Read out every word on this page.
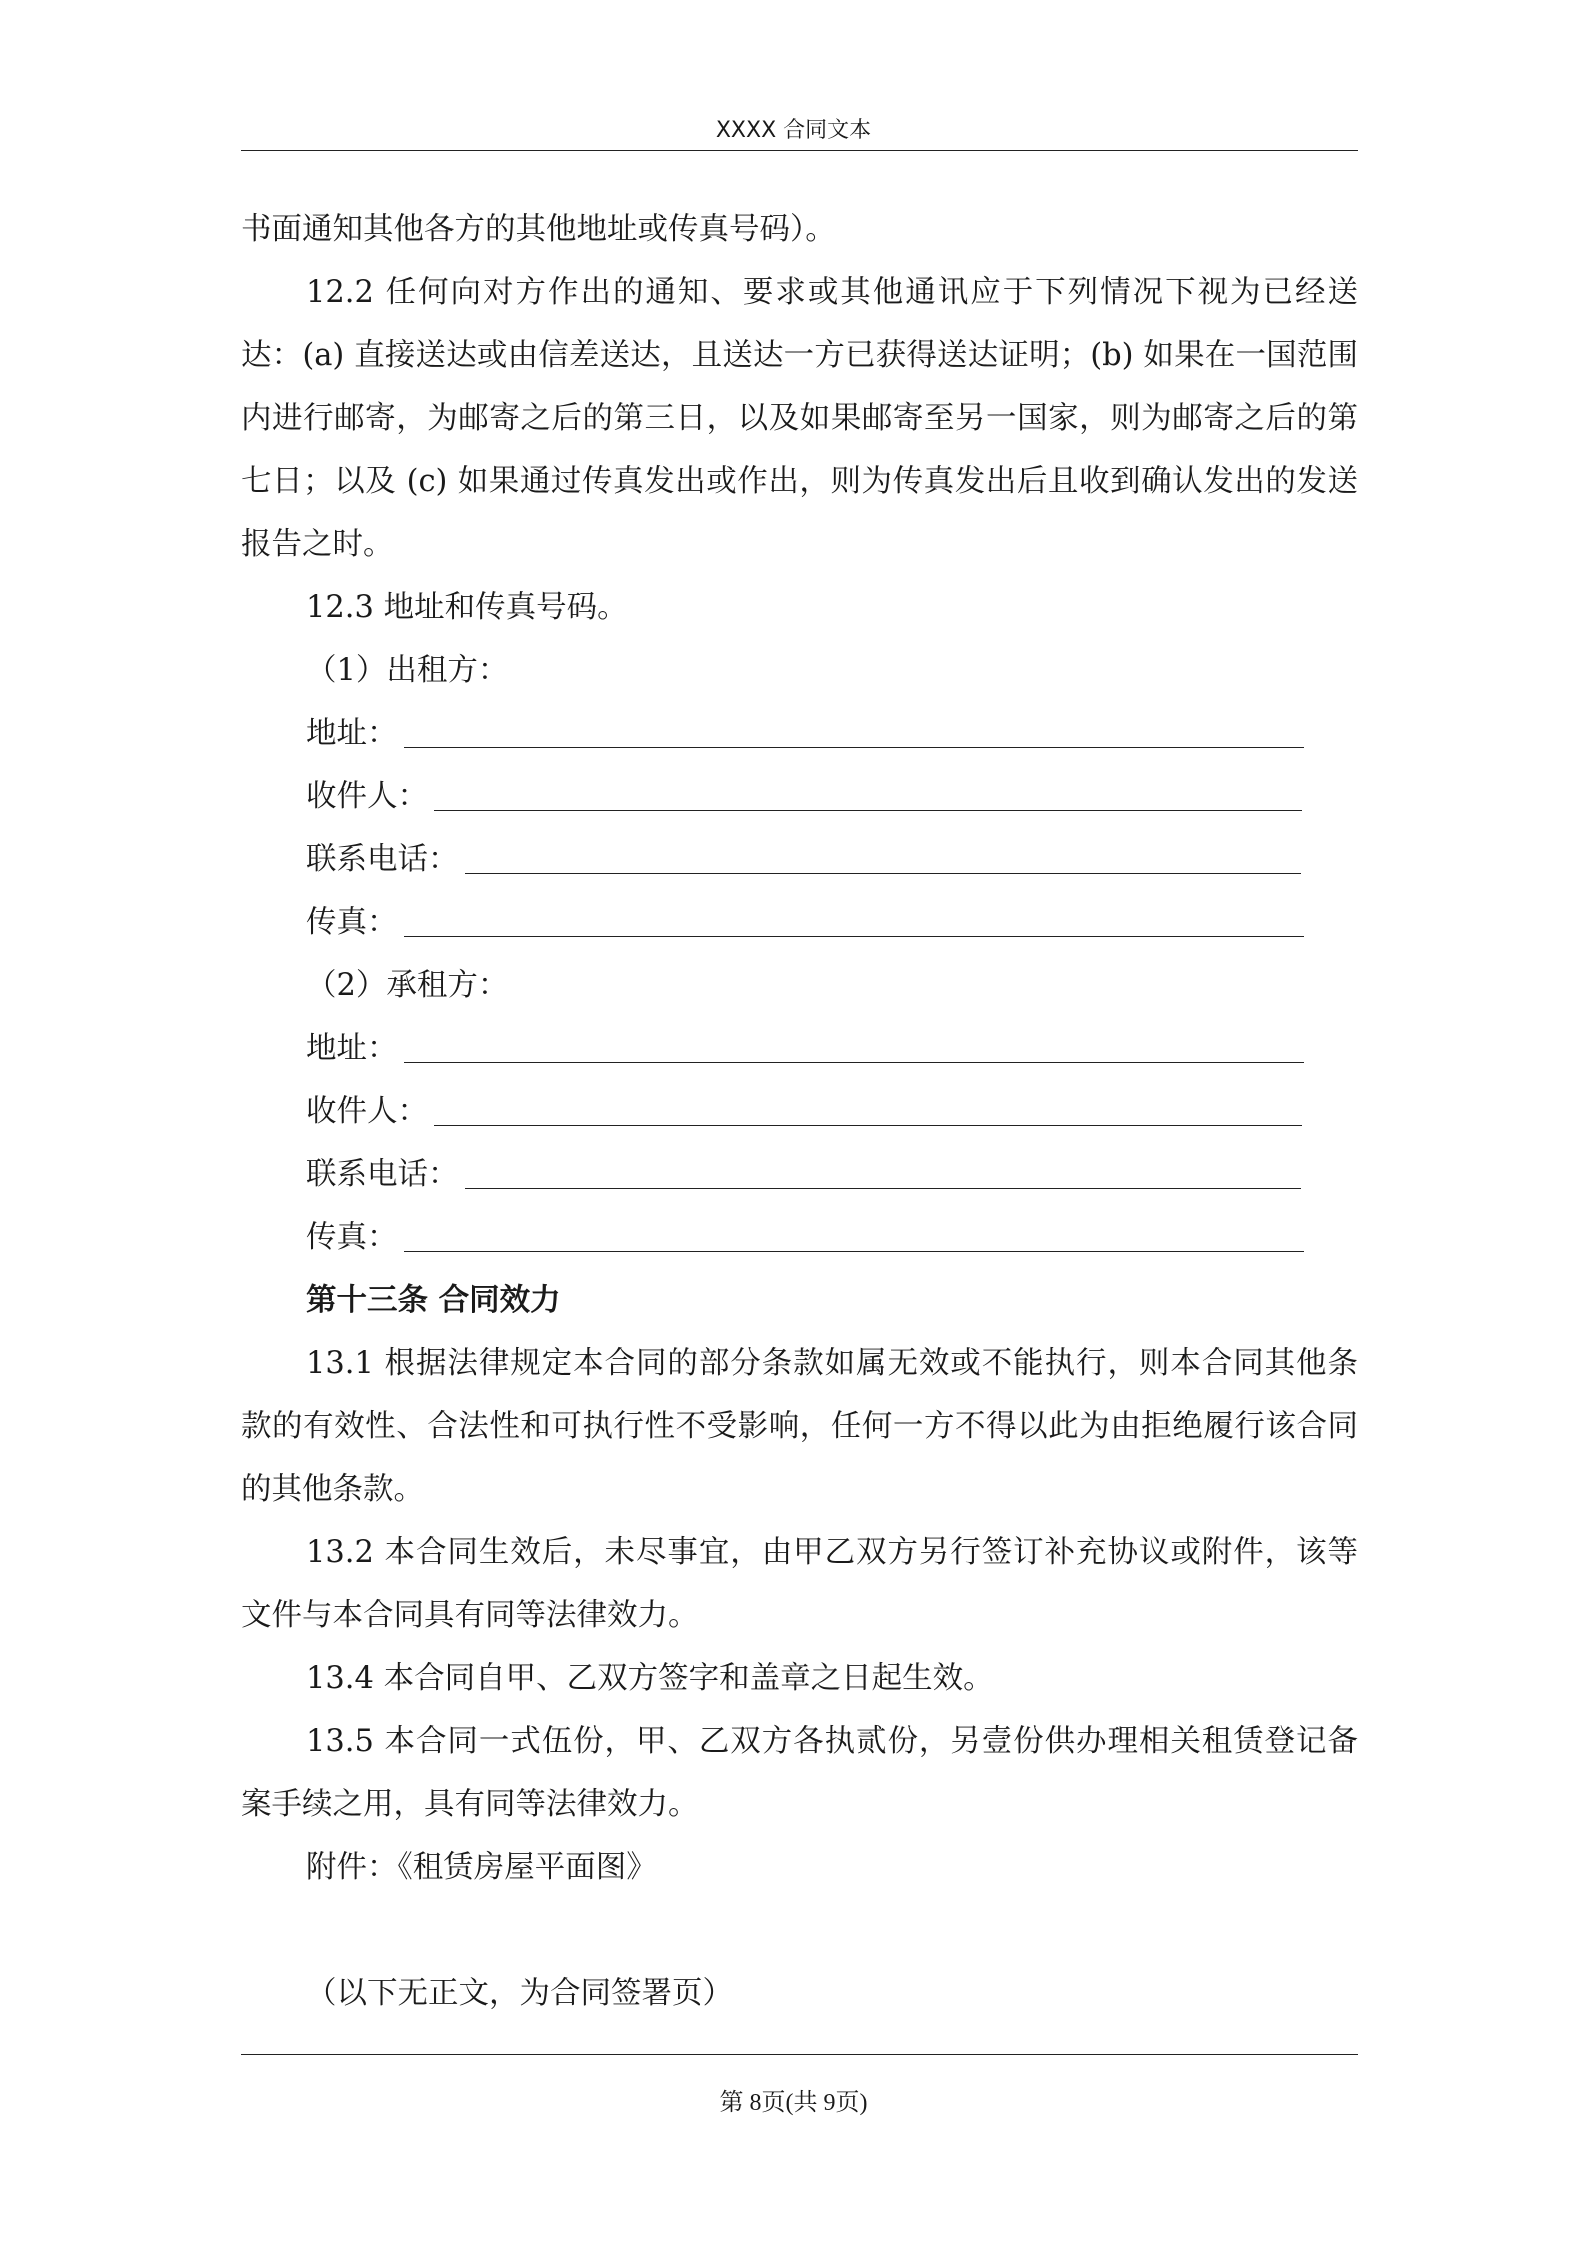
XXXX 合同文本

书面通知其他各方的其他地址或传真号码）。

12.2 任何向对方作出的通知、要求或其他通讯应于下列情况下视为已经送达：(a) 直接送达或由信差送达，且送达一方已获得送达证明；(b) 如果在一国范围内进行邮寄，为邮寄之后的第三日，以及如果邮寄至另一国家，则为邮寄之后的第七日；以及 (c) 如果通过传真发出或作出，则为传真发出后且收到确认发出的发送报告之时。

12.3 地址和传真号码。

（1）出租方：

地址：
收件人：
联系电话：
传真：

（2）承租方：

地址：
收件人：
联系电话：
传真：

第十三条 合同效力

13.1 根据法律规定本合同的部分条款如属无效或不能执行，则本合同其他条款的有效性、合法性和可执行性不受影响，任何一方不得以此为由拒绝履行该合同的其他条款。

13.2 本合同生效后，未尽事宜，由甲乙双方另行签订补充协议或附件，该等文件与本合同具有同等法律效力。

13.4 本合同自甲、乙双方签字和盖章之日起生效。

13.5 本合同一式伍份，甲、乙双方各执贰份，另壹份供办理相关租赁登记备案手续之用，具有同等法律效力。

附件：《租赁房屋平面图》

（以下无正文，为合同签署页）

第 8页(共 9页)
